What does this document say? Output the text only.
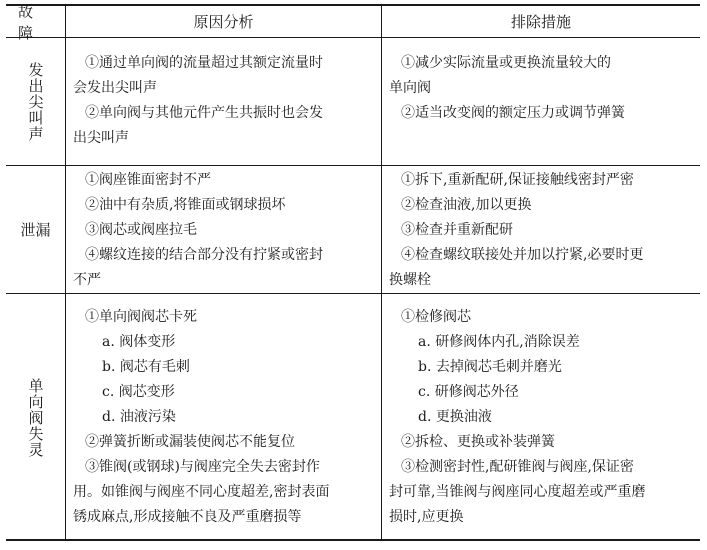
故 障
原因分析	排除措施
发出尖叫声	①通过单向阀的流量超过其额定流量时
会发出尖叫声
②单向阀与其他元件产生共振时也会发
出尖叫声
①减少实际流量或更换流量较大的
单向阀
②适当改变阀的额定压力或调节弹簧
泄漏
①阀座锥面密封不严
②油中有杂质,将锥面或钢球损坏
③阀芯或阀座拉毛
④螺纹连接的结合部分没有拧紧或密封
不严
①拆下,重新配研,保证接触线密封严密
②检查油液,加以更换
③检查并重新配研
④检查螺纹联接处并加以拧紧,必要时更
换螺栓
单向阀失灵
①单向阀阀芯卡死
a. 阀体变形
b. 阀芯有毛刺
c. 阀芯变形
d. 油液污染
②弹簧折断或漏装使阀芯不能复位
③锥阀(或钢球)与阀座完全失去密封作
用。如锥阀与阀座不同心度超差,密封表面
锈成麻点,形成接触不良及严重磨损等
①检修阀芯
a. 研修阀体内孔,消除误差
b. 去掉阀芯毛刺并磨光
c. 研修阀芯外径
d. 更换油液
②拆检、更换或补装弹簧
③检测密封性,配研锥阀与阀座,保证密
封可靠,当锥阀与阀座同心度超差或严重磨
损时,应更换
